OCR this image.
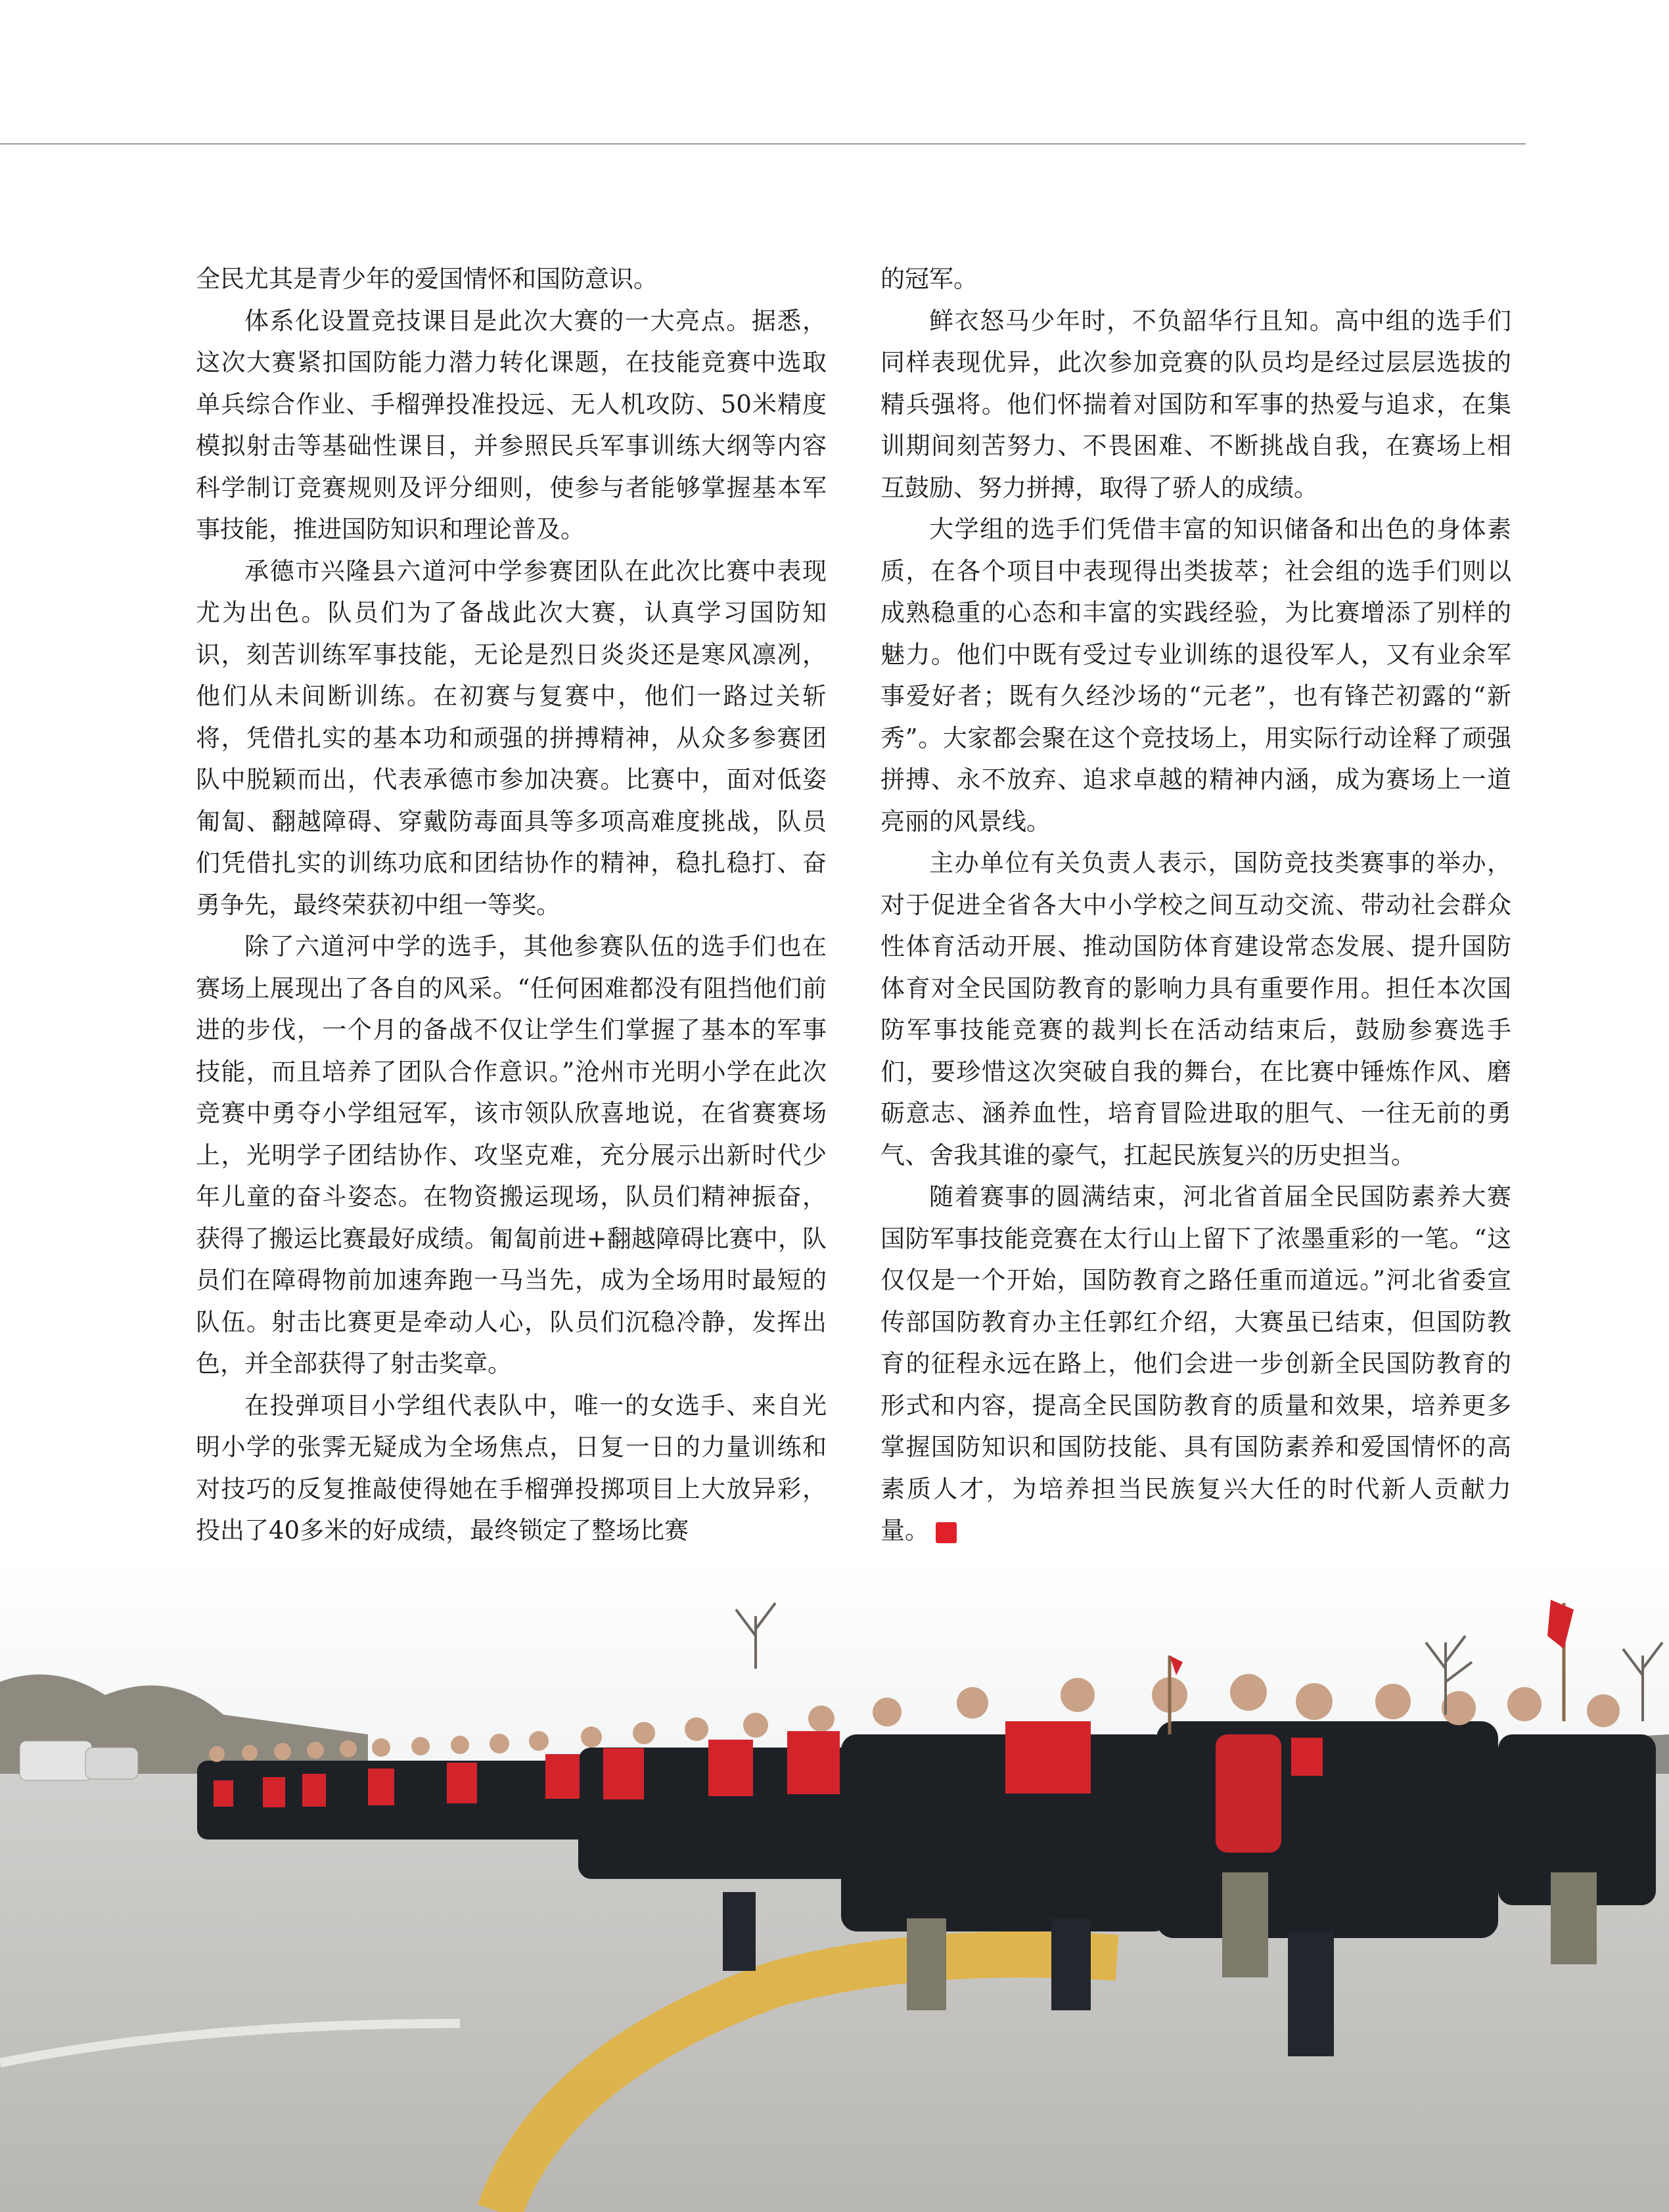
全民尤其是青少年的爱国情怀和国防意识。

体系化设置竞技课目是此次大赛的一大亮点。据悉，这次大赛紧扣国防能力潜力转化课题，在技能竞赛中选取单兵综合作业、手榴弹投准投远、无人机攻防、50米精度模拟射击等基础性课目，并参照民兵军事训练大纲等内容科学制订竞赛规则及评分细则，使参与者能够掌握基本军事技能，推进国防知识和理论普及。

承德市兴隆县六道河中学参赛团队在此次比赛中表现尤为出色。队员们为了备战此次大赛，认真学习国防知识，刻苦训练军事技能，无论是烈日炎炎还是寒风凛冽，他们从未间断训练。在初赛与复赛中，他们一路过关斩将，凭借扎实的基本功和顽强的拼搏精神，从众多参赛团队中脱颖而出，代表承德市参加决赛。比赛中，面对低姿匍匐、翻越障碍、穿戴防毒面具等多项高难度挑战，队员们凭借扎实的训练功底和团结协作的精神，稳扎稳打、奋勇争先，最终荣获初中组一等奖。

除了六道河中学的选手，其他参赛队伍的选手们也在赛场上展现出了各自的风采。“任何困难都没有阻挡他们前进的步伐，一个月的备战不仅让学生们掌握了基本的军事技能，而且培养了团队合作意识。”沧州市光明小学在此次竞赛中勇夺小学组冠军，该市领队欣喜地说，在省赛赛场上，光明学子团结协作、攻坚克难，充分展示出新时代少年儿童的奋斗姿态。在物资搬运现场，队员们精神振奋，获得了搬运比赛最好成绩。匍匐前进+翻越障碍比赛中，队员们在障碍物前加速奔跑一马当先，成为全场用时最短的队伍。射击比赛更是牵动人心，队员们沉稳冷静，发挥出色，并全部获得了射击奖章。

在投弹项目小学组代表队中，唯一的女选手、来自光明小学的张霁无疑成为全场焦点，日复一日的力量训练和对技巧的反复推敲使得她在手榴弹投掷项目上大放异彩，投出了40多米的好成绩，最终锁定了整场比赛

的冠军。

鲜衣怒马少年时，不负韶华行且知。高中组的选手们同样表现优异，此次参加竞赛的队员均是经过层层选拔的精兵强将。他们怀揣着对国防和军事的热爱与追求，在集训期间刻苦努力、不畏困难、不断挑战自我，在赛场上相互鼓励、努力拼搏，取得了骄人的成绩。

大学组的选手们凭借丰富的知识储备和出色的身体素质，在各个项目中表现得出类拔萃；社会组的选手们则以成熟稳重的心态和丰富的实践经验，为比赛增添了别样的魅力。他们中既有受过专业训练的退役军人，又有业余军事爱好者；既有久经沙场的“元老”，也有锋芒初露的“新秀”。大家都会聚在这个竞技场上，用实际行动诠释了顽强拼搏、永不放弃、追求卓越的精神内涵，成为赛场上一道亮丽的风景线。

主办单位有关负责人表示，国防竞技类赛事的举办，对于促进全省各大中小学校之间互动交流、带动社会群众性体育活动开展、推动国防体育建设常态发展、提升国防体育对全民国防教育的影响力具有重要作用。担任本次国防军事技能竞赛的裁判长在活动结束后，鼓励参赛选手们，要珍惜这次突破自我的舞台，在比赛中锤炼作风、磨砺意志、涵养血性，培育冒险进取的胆气、一往无前的勇气、舍我其谁的豪气，扛起民族复兴的历史担当。

随着赛事的圆满结束，河北省首届全民国防素养大赛国防军事技能竞赛在太行山上留下了浓墨重彩的一笔。“这仅仅是一个开始，国防教育之路任重而道远。”河北省委宣传部国防教育办主任郭红介绍，大赛虽已结束，但国防教育的征程永远在路上，他们会进一步创新全民国防教育的形式和内容，提高全民国防教育的质量和效果，培养更多掌握国防知识和国防技能、具有国防素养和爱国情怀的高素质人才，为培养担当民族复兴大任的时代新人贡献力量。	G
